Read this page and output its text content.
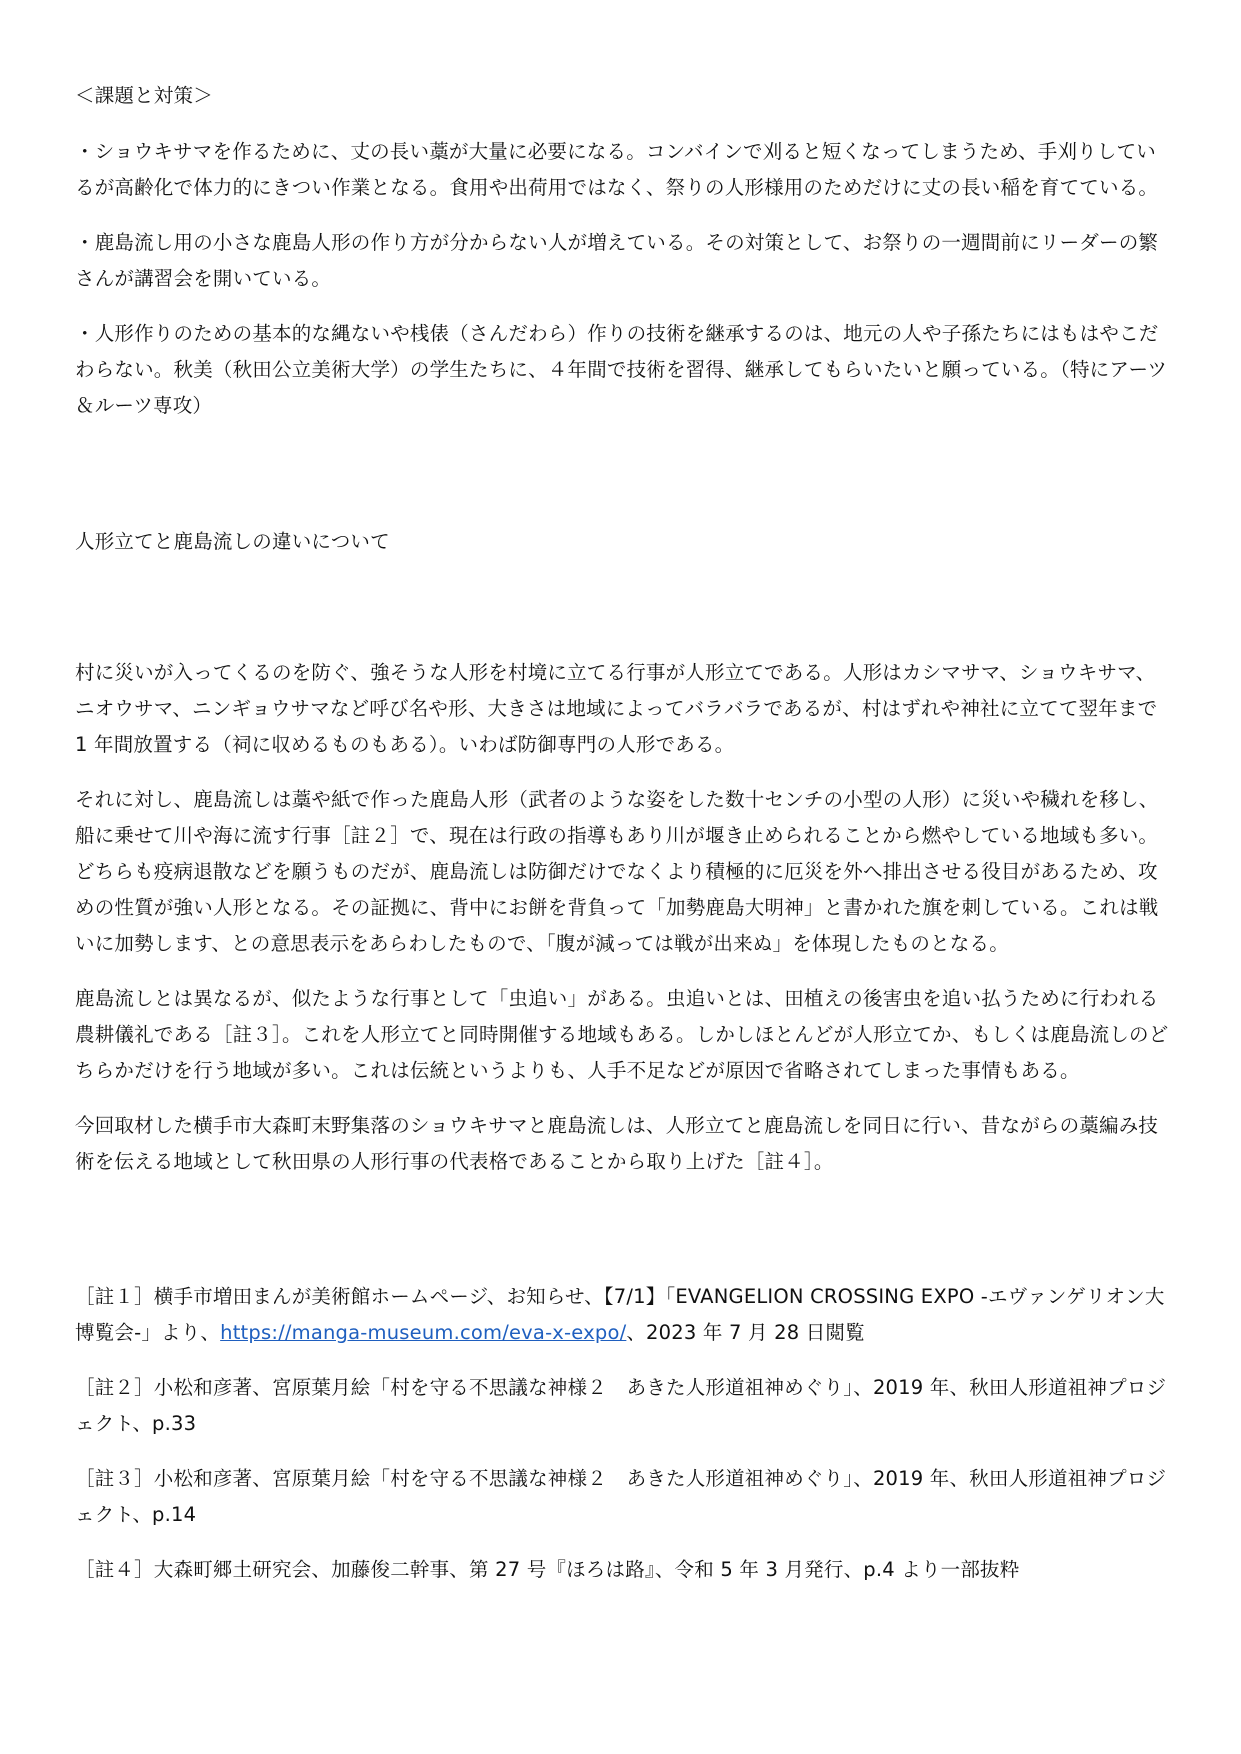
＜課題と対策＞

・ショウキサマを作るために、丈の長い藁が大量に必要になる。コンバインで刈ると短くなってしまうため、手刈りしているが高齢化で体力的にきつい作業となる。食用や出荷用ではなく、祭りの人形様用のためだけに丈の長い稲を育てている。

・鹿島流し用の小さな鹿島人形の作り方が分からない人が増えている。その対策として、お祭りの一週間前にリーダーの繁さんが講習会を開いている。

・人形作りのための基本的な縄ないや桟俵（さんだわら）作りの技術を継承するのは、地元の人や子孫たちにはもはやこだわらない。秋美（秋田公立美術大学）の学生たちに、４年間で技術を習得、継承してもらいたいと願っている。（特にアーツ＆ルーツ専攻）

人形立てと鹿島流しの違いについて

村に災いが入ってくるのを防ぐ、強そうな人形を村境に立てる行事が人形立てである。人形はカシマサマ、ショウキサマ、ニオウサマ、ニンギョウサマなど呼び名や形、大きさは地域によってバラバラであるが、村はずれや神社に立てて翌年まで 1 年間放置する（祠に収めるものもある）。いわば防御専門の人形である。

それに対し、鹿島流しは藁や紙で作った鹿島人形（武者のような姿をした数十センチの小型の人形）に災いや穢れを移し、船に乗せて川や海に流す行事［註２］で、現在は行政の指導もあり川が堰き止められることから燃やしている地域も多い。どちらも疫病退散などを願うものだが、鹿島流しは防御だけでなくより積極的に厄災を外へ排出させる役目があるため、攻めの性質が強い人形となる。その証拠に、背中にお餅を背負って「加勢鹿島大明神」と書かれた旗を刺している。これは戦いに加勢します、との意思表示をあらわしたもので、「腹が減っては戦が出来ぬ」を体現したものとなる。

鹿島流しとは異なるが、似たような行事として「虫追い」がある。虫追いとは、田植えの後害虫を追い払うために行われる農耕儀礼である［註３］。これを人形立てと同時開催する地域もある。しかしほとんどが人形立てか、もしくは鹿島流しのどちらかだけを行う地域が多い。これは伝統というよりも、人手不足などが原因で省略されてしまった事情もある。

今回取材した横手市大森町末野集落のショウキサマと鹿島流しは、人形立てと鹿島流しを同日に行い、昔ながらの藁編み技術を伝える地域として秋田県の人形行事の代表格であることから取り上げた［註４］。

［註１］横手市増田まんが美術館ホームページ、お知らせ、【7/1】「EVANGELION CROSSING EXPO -エヴァンゲリオン大博覧会-」より、https://manga-museum.com/eva-x-expo/、2023 年 7 月 28 日閲覧

［註２］小松和彦著、宮原葉月絵「村を守る不思議な神様２　あきた人形道祖神めぐり」、2019 年、秋田人形道祖神プロジェクト、p.33

［註３］小松和彦著、宮原葉月絵「村を守る不思議な神様２　あきた人形道祖神めぐり」、2019 年、秋田人形道祖神プロジェクト、p.14

［註４］大森町郷土研究会、加藤俊二幹事、第 27 号『ほろは路』、令和 5 年 3 月発行、p.4 より一部抜粋
